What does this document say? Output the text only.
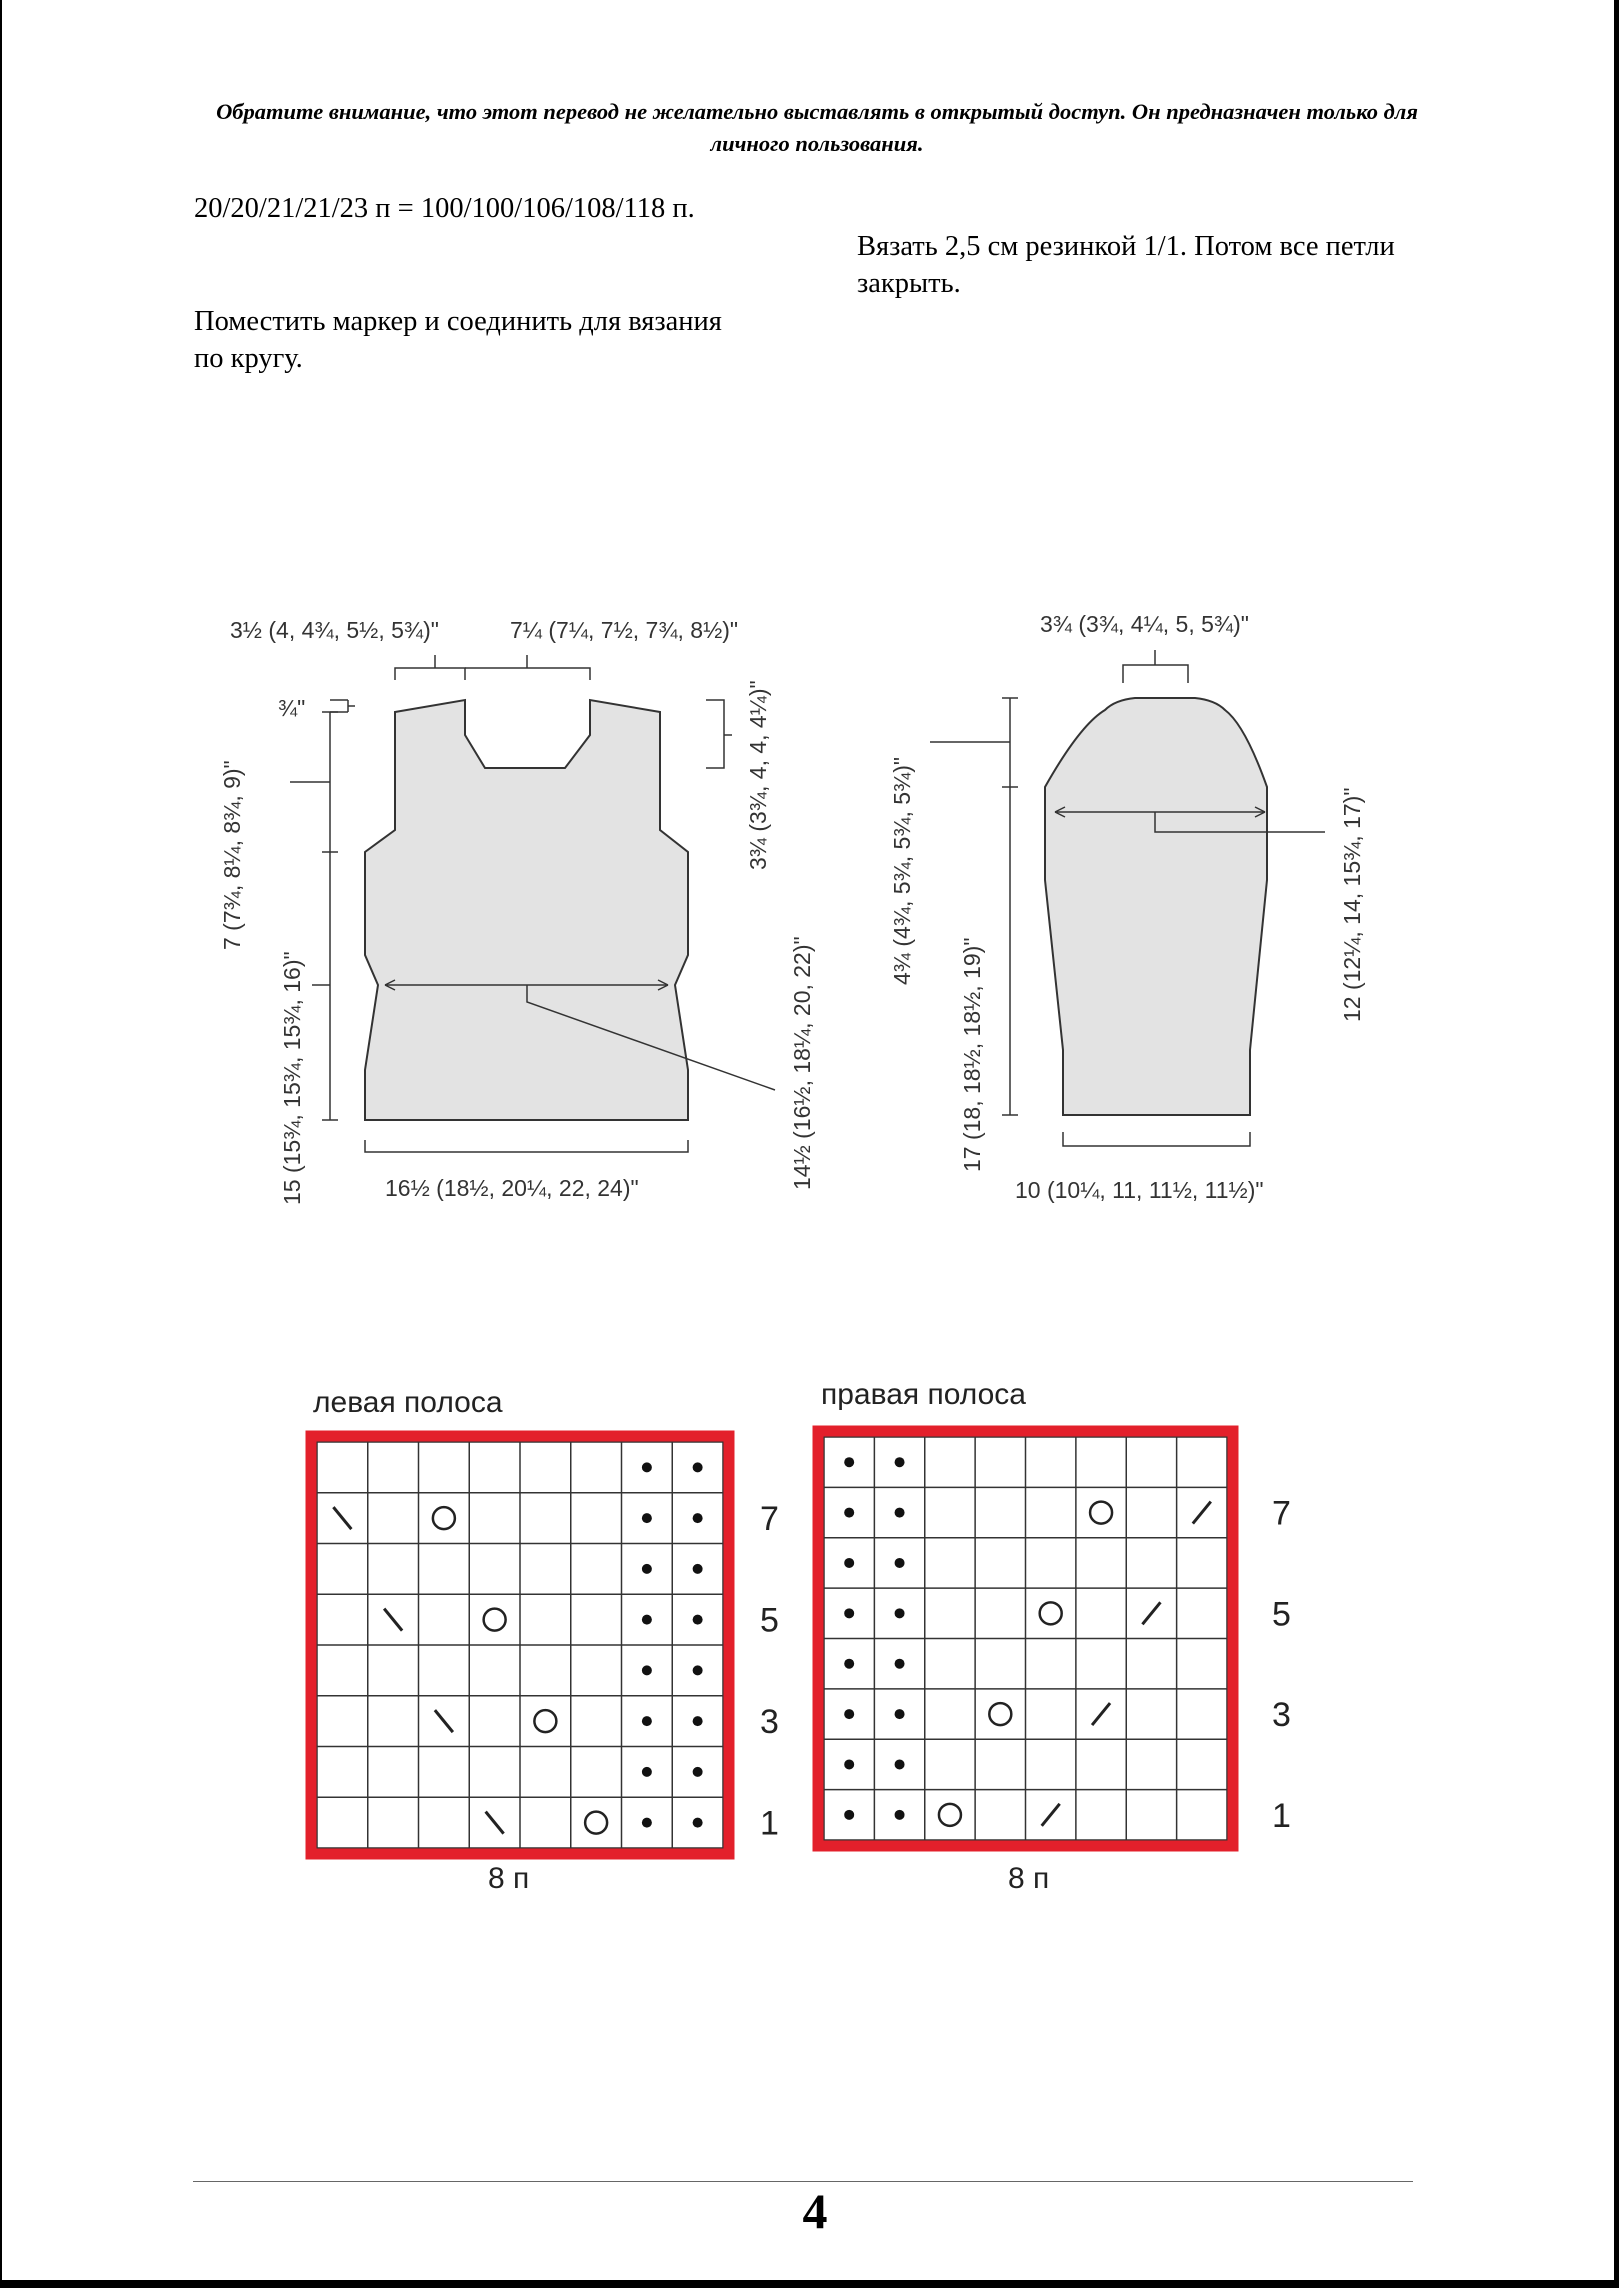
Обратите внимание, что этот перевод не желательно выставлять в открытый доступ. Он предназначен только для личного пользования.
20/20/21/21/23 п = 100/100/106/108/118 п.
Поместить маркер и соединить для вязания по кругу.
Вязать 2,5 см резинкой 1/1. Потом все петли закрыть.
3½ (4, 4¾, 5½, 5¾)"	7¼ (7¼, 7½, 7¾, 8½)"
¾"	3¾ (3¾, 4, 4, 4¼)"
7 (7¾, 8¼, 8¾, 9)"
15 (15¾, 15¾, 15¾, 16)"	14½ (16½, 18¼, 20, 22)"
16½ (18½, 20¼, 22, 24)"
3¾ (3¾, 4¼, 5, 5¾)"
4¾ (4¾, 5¾, 5¾, 5¾)"	12 (12¼, 14, 15¾, 17)"
17 (18, 18½, 18½, 19)"
10 (10¼, 11, 11½, 11½)"
левая полоса
7
5
3
1
8 п
правая полоса
7
5
3
1
8 п
4
